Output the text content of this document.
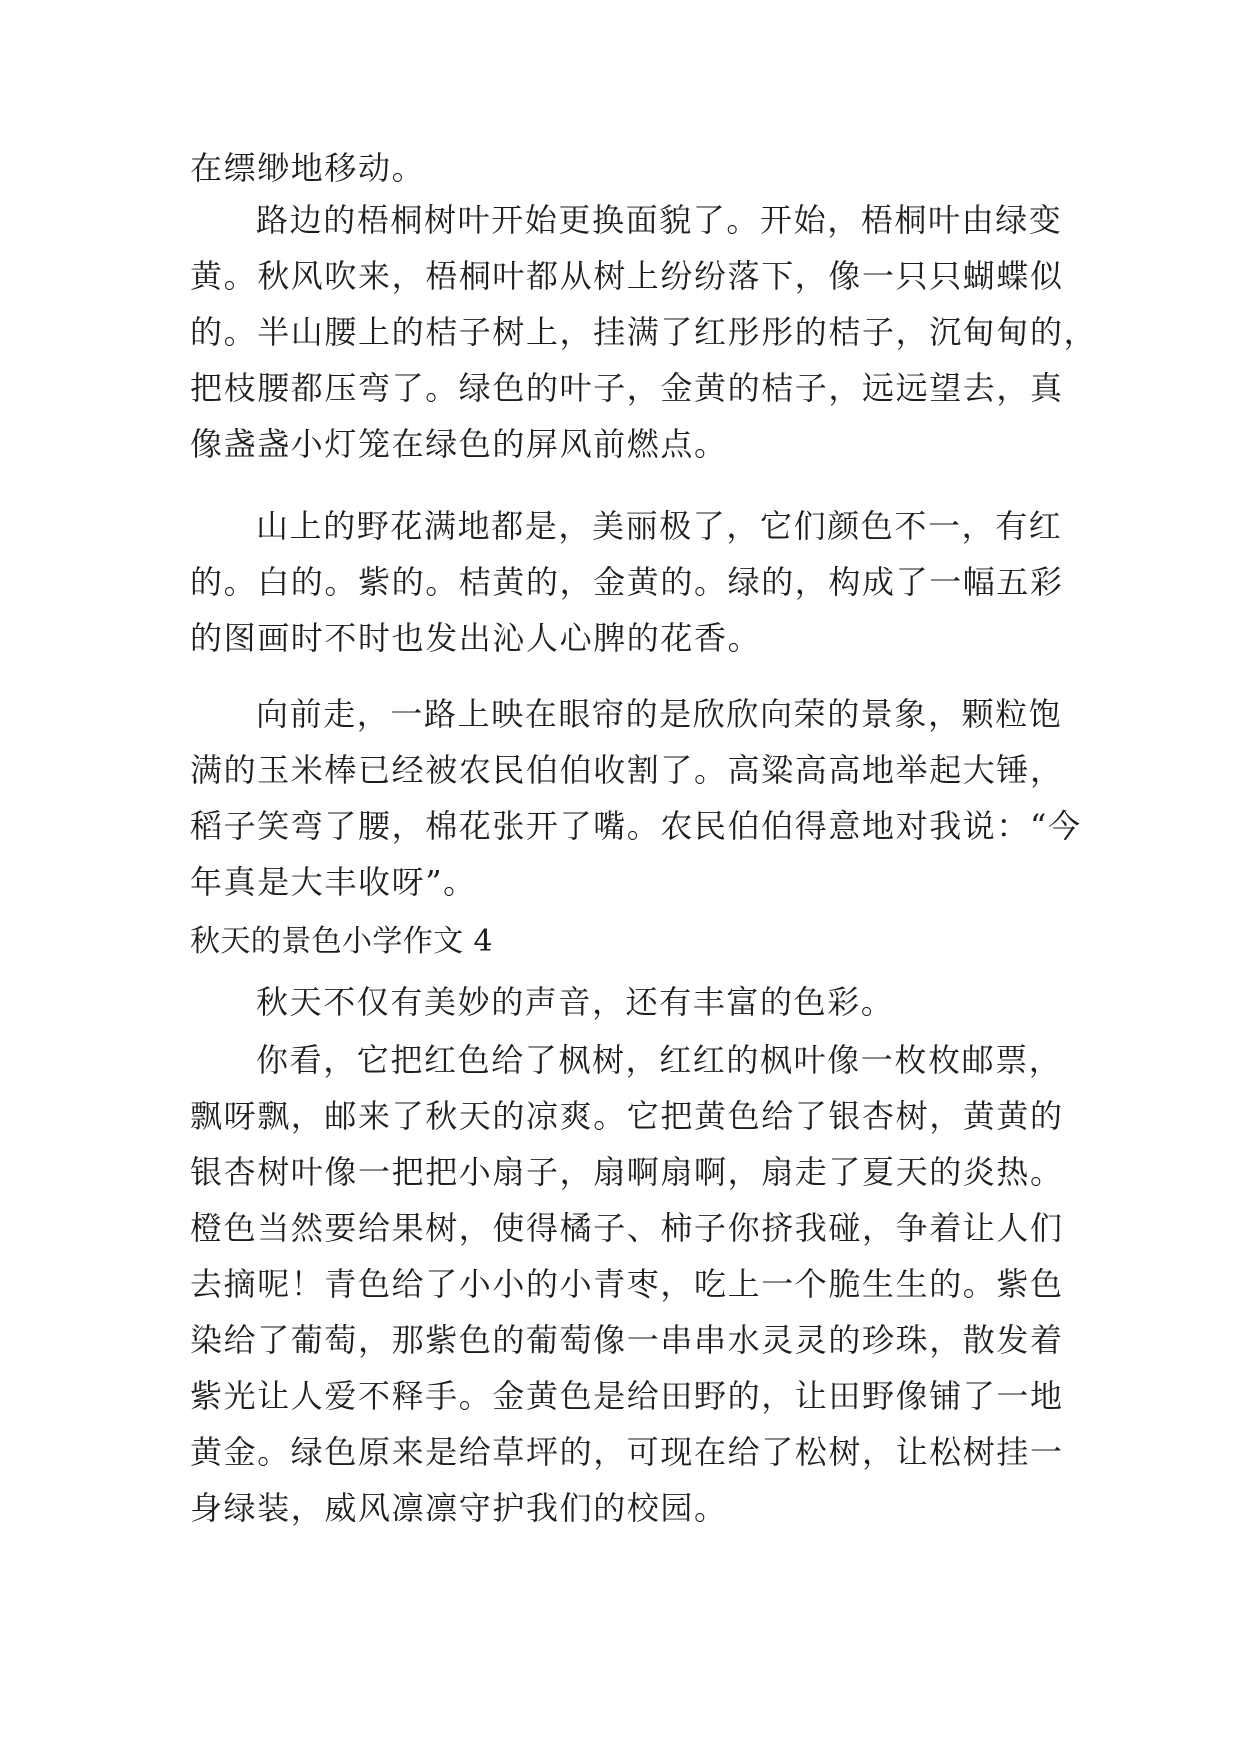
在缥缈地移动。
路边的梧桐树叶开始更换面貌了。开始，梧桐叶由绿变
黄。秋风吹来，梧桐叶都从树上纷纷落下，像一只只蝴蝶似
的。半山腰上的桔子树上，挂满了红彤彤的桔子，沉甸甸的，
把枝腰都压弯了。绿色的叶子，金黄的桔子，远远望去，真
像盏盏小灯笼在绿色的屏风前燃点。
山上的野花满地都是，美丽极了，它们颜色不一，有红
的。白的。紫的。桔黄的，金黄的。绿的，构成了一幅五彩
的图画时不时也发出沁人心脾的花香。
向前走，一路上映在眼帘的是欣欣向荣的景象，颗粒饱
满的玉米棒已经被农民伯伯收割了。高粱高高地举起大锤，
稻子笑弯了腰，棉花张开了嘴。农民伯伯得意地对我说：“今
年真是大丰收呀”。
秋天的景色小学作文 4
秋天不仅有美妙的声音，还有丰富的色彩。
你看，它把红色给了枫树，红红的枫叶像一枚枚邮票，
飘呀飘，邮来了秋天的凉爽。它把黄色给了银杏树，黄黄的
银杏树叶像一把把小扇子，扇啊扇啊，扇走了夏天的炎热。
橙色当然要给果树，使得橘子、柿子你挤我碰，争着让人们
去摘呢！青色给了小小的小青枣，吃上一个脆生生的。紫色
染给了葡萄，那紫色的葡萄像一串串水灵灵的珍珠，散发着
紫光让人爱不释手。金黄色是给田野的，让田野像铺了一地
黄金。绿色原来是给草坪的，可现在给了松树，让松树挂一
身绿装，威风凛凛守护我们的校园。
